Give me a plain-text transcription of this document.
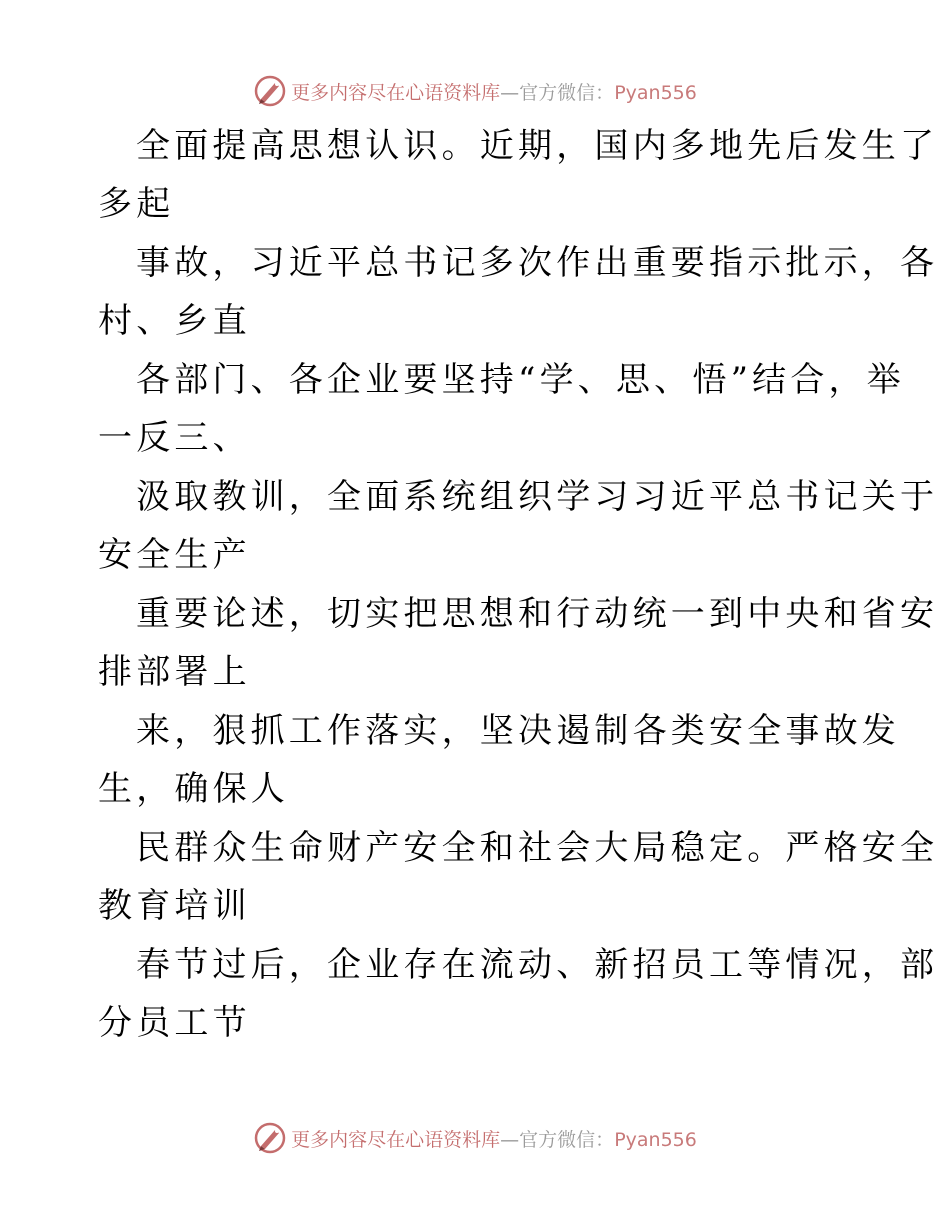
更多内容尽在心语资料库—官方微信：Pyan556
全面提高思想认识。近期，国内多地先后发生了
多起
事故，习近平总书记多次作出重要指示批示，各
村、乡直
各部门、各企业要坚持“学、思、悟”结合，举
一反三、
汲取教训，全面系统组织学习习近平总书记关于
安全生产
重要论述，切实把思想和行动统一到中央和省安
排部署上
来，狠抓工作落实，坚决遏制各类安全事故发
生，确保人
民群众生命财产安全和社会大局稳定。严格安全
教育培训
春节过后，企业存在流动、新招员工等情况，部
分员工节
更多内容尽在心语资料库—官方微信：Pyan556
